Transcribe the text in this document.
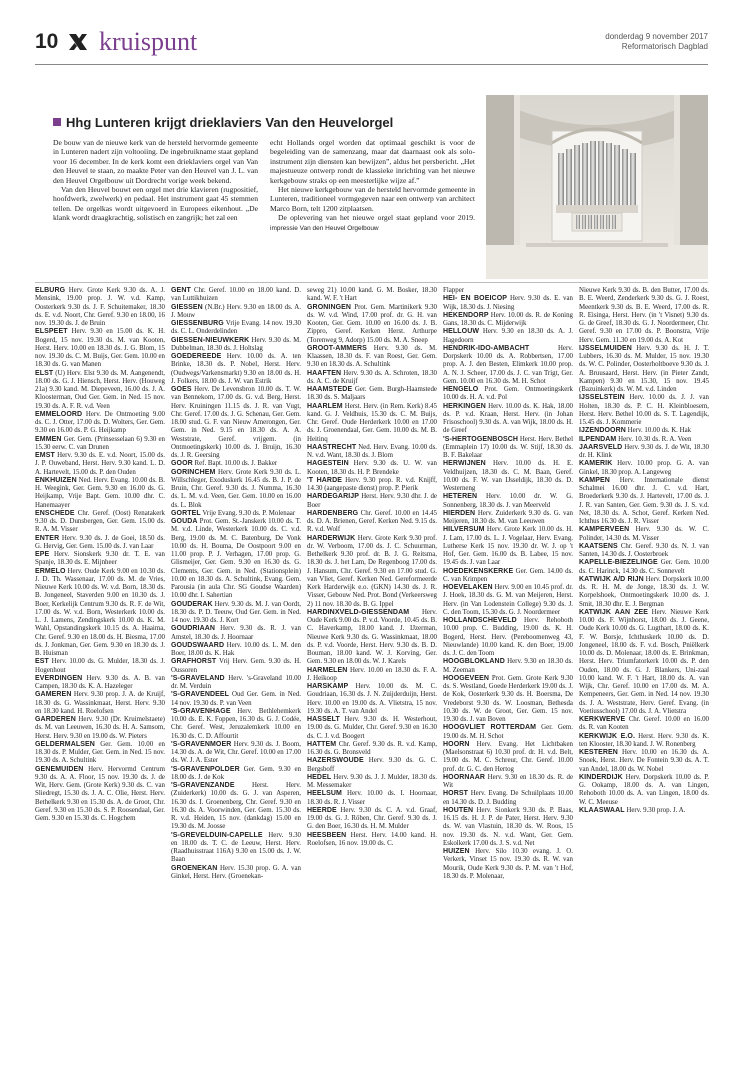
10 kruispunt	donderdag 9 november 2017
Reformatorisch Dagblad
Hhg Lunteren krijgt drieklaviers Van den Heuvelorgel

De bouw van de nieuwe kerk van de hersteld hervormde gemeente in Lunteren nadert zijn voltooiing. De ingebruikname staat gepland voor 16 december. In de kerk komt een drieklaviers orgel van Van den Heuvel te staan, zo maakte Peter van den Heuvel van J. L. van den Heuvel Orgelbouw uit Dordrecht vorige week bekend.

Van den Heuvel bouwt een orgel met drie klavieren (rugpositief, hoofdwerk, zwelwerk) en pedaal. Het instrument gaat 45 stemmen tellen. De orgelkas wordt uitgevoerd in Europees eikenhout. „De klank wordt draagkrachtig, solistisch en zangrijk; het zal een

echt Hollands orgel worden dat optimaal geschikt is voor de begeleiding van de samenzang, maar dat daarnaast ook als solo-instrument zijn diensten kan bewijzen”, aldus het persbericht. „Het majestueuze ontwerp rondt de klassieke inrichting van het nieuwe kerkgebouw straks op een meesterlijke wijze af.”

Het nieuwe kerkgebouw van de hersteld hervormde gemeente in Lunteren, traditioneel vormgegeven naar een ontwerp van architect Marco Born, telt 1200 zitplaatsen.

De oplevering van het nieuwe orgel staat gepland voor 2019. impressie Van den Heuvel Orgelbouw

ELBURG Herv. Grote Kerk 9.30 ds. A. J. Mensink, 19.00 prop. J. W. v.d. Kamp, Oosterkerk 9.30 ds. J. F. Schuitemaker, 18.30 ds. E. v.d. Noort, Chr. Geref. 9.30 en 18.00, 16 nov. 19.30 ds. J. de Bruin

ELSPEET Herv. 9.30 en 15.00 ds. K. H. Bogerd, 15 nov. 19.30 ds. M. van Kooten, Herst. Herv. 10.00 en 18.30 ds. J. G. Blom, 15 nov. 19.30 ds. C. M. Buijs, Ger. Gem. 10.00 en 18.30 ds. G. van Manen

ELST (U) Herv. Elst 9.30 ds. M. Aangenendt, 18.00 ds. G. J. Hiensch, Herst. Herv. (Houweg 21a) 9.30 kand. M. Diepeveen, 16.00 ds. J. A. Kloosterman, Oud Ger. Gem. in Ned. 15 nov. 19.30 ds. A. F. R. v.d. Veen

EMMELOORD Herv. De Ontmoeting 9.00 ds. C. J. Otter, 17.00 ds. D. Wolters, Ger. Gem. 9.30 en 16.00 ds. P. G. Heijkamp

EMMEN Ger. Gem. (Prinsesselaan 6) 9.30 en 15.30 eerw. C. van Drunen

EMST Herv. 9.30 ds. E. v.d. Noort, 15.00 ds. J. P. Ouweband, Herst. Herv. 9.30 kand. L. D. A. Hartevelt, 15.00 ds. P. den Ouden

ENKHUIZEN Ned. Herv. Evang. 10.00 ds. B. H. Weegink, Ger. Gem. 9.30 en 16.00 ds. G. Heijkamp, Vrije Bapt. Gem. 10.00 dhr. C. Hanemaayer

ENSCHEDE Chr. Geref. (Oost) Renatakerk 9.30 ds. D. Dunsbergen, Ger. Gem. 15.00 ds. R. A. M. Visser

ENTER Herv. 9.30 ds. J. de Goei, 18.50 ds. G. Hervig, Ger. Gem. 15.00 ds. J. van Laar

EPE Herv. Sionskerk 9.30 dr. T. E. van Spanje, 18.30 ds. E. Mijnheer

ERMELO Herv. Oude Kerk 9.00 en 10.30 ds. J. D. Th. Wassenaar, 17.00 ds. M. de Vries, Nieuwe Kerk 10.00 ds. W. v.d. Born, 18.30 ds. B. Jongeneel, Staverden 9.00 en 10.30 ds. J. Boer, Kerkelijk Centrum 9.30 ds. R. F. de Wit, 17.00 ds. W. v.d. Born, Westerkerk 10.00 ds. L. J. Lamens, Zendingskerk 10.00 ds. K. M. Wahl, Opstandingskerk 10.15 ds. A. Haaima, Chr. Geref. 9.30 en 18.00 ds. H. Biesma, 17.00 ds. J. Jonkman, Ger. Gem. 9.30 en 18.30 ds. J. B. Huisman

EST Herv. 10.00 ds. G. Mulder, 18.30 ds. J. Hogenhout

EVERDINGEN Herv. 9.30 ds. A. B. van Campen, 18.30 ds. K. A. Hazeleger

GAMEREN Herv. 9.30 prop. J. A. de Kruijf, 18.30 ds. G. Wassinkmaat, Herst. Herv. 9.30 en 18.30 kand. H. Roelofsen

GARDEREN Herv. 9.30 (Dr. Kruimelstaete) ds. M. van Leeuwen, 16.30 ds. H. A. Samsom, Herst. Herv. 9.30 en 19.00 ds. W. Pieters

GELDERMALSEN Ger. Gem. 10.00 en 18.30 ds. P. Mulder, Ger. Gem. in Ned. 15 nov. 19.30 ds. A. Schultink

GENEMUIDEN Herv. Hervormd Centrum 9.30 ds. A. A. Floor, 15 nov. 19.30 ds. J. de Wit, Herv. Gem. (Grote Kerk) 9.30 ds. C. van Sliedregt, 15.30 ds. J. A. C. Olie, Herst. Herv. Bethelkerk 9.30 en 15.30 ds. A. de Groot, Chr. Geref. 9.30 en 15.30 ds. S. P. Roosendaal, Ger. Gem. 9.30 en 15.30 ds. C. Hogchem

GENT Chr. Geref. 10.00 en 18.00 kand. D. van Luttikhuizen

GIESSEN (N.Br.) Herv. 9.30 en 18.00 ds. A. J. Mouw

GIESSENBURG Vrije Evang. 14 nov. 19.30 ds. C. L. Onderdelinden

GIESSEN-NIEUWKERK Herv. 9.30 ds. M. Dubbelman, 18.30 ds. J. Holtslag

GOEDEREEDE Herv. 10.00 ds. A. ten Brinke, 18.30 ds. P. Nobel, Herst. Herv. (Oudwegs/Varkensmarkt) 9.30 en 18.00 ds. H. J. Folkers, 18.00 ds. J. W. van Estrik

GOES Herv. De Levensbron 10.00 ds. T. W. van Bennekom, 17.00 ds. G. v.d. Berg, Herst. Herv. Kruiningen 11.15 ds. J. R. van Vugt, Chr. Geref. 17.00 ds. J. G. Schenau, Ger. Gem. 18.00 stud. G. F. van Nieuw Amerongen, Ger. Gem. in Ned. 9.15 en 18.30 ds. A. A. Weststrate, Geref. vrijgem. (in Ontmoetingskerk) 10.00 ds. J. Bruijn, 16.30 ds. J. R. Geersing

GOOR Ref. Bapt. 10.00 ds. J. Bakker

GORINCHEM Herv. Grote Kerk 9.30 ds. L. Willschleger, Exoduskerk 16.45 ds. B. J. P. de Bruin, Chr. Geref. 9.30 ds. J. Numma, 16.30 ds. L. M. v.d. Veen, Ger. Gem. 10.00 en 16.00 ds. L. Blok

GORTEL Vrije Evang. 9.30 ds. P. Molenaar

GOUDA Prot. Gem. St.-Janskerk 10.00 ds. T. M. v.d. Linde, Westerkerk 10.00 ds. C. v.d. Berg, 19.00 ds. M. C. Batenburg, De Vonk 10.00 ds. H. Bouma, De Oostpoort 9.00 en 11.00 prop. P. J. Verhagen, 17.00 prop. G. Glismeijer, Ger. Gem. 9.30 en 16.30 ds. G. Clements, Ger. Gem. in Ned. (Stationsplein) 10.00 en 18.30 ds. A. Schultink, Evang. Gem. Parousia (in aula Chr. SG Goudse Waarden) 10.00 dhr. I. Sahertian

GOUDERAK Herv. 9.30 ds. M. J. van Oordt, 18.30 ds. P. D. Teeuw, Oud Ger. Gem. in Ned. 14 nov. 19.30 ds. J. Kort

GOUDRIAAN Herv. 9.30 ds. R. J. van Amstel, 18.30 ds. J. Hoornaar

GOUDSWAARD Herv. 10.00 ds. L. M. den Boer, 18.00 ds. K. Hak

GRAFHORST Vrij Herv. Gem. 9.30 ds. H. Oussoren

'S-GRAVELAND Herv. 's-Graveland 10.00 dr. M. Verduin

'S-GRAVENDEEL Oud Ger. Gem. in Ned. 14 nov. 19.30 ds. P. van Veen

'S-GRAVENHAGE Herv. Bethlehemkerk 10.00 ds. E. K. Foppen, 16.30 ds. G. J. Codée, Chr. Geref. West, Jeruzalemkerk 10.00 en 16.30 ds. C. D. Affourtit

'S-GRAVENMOER Herv. 9.30 ds. J. Boom, 14.30 ds. A. de Wit, Chr. Geref. 10.00 en 17.00 ds. W. J. A. Ester

'S-GRAVENPOLDER Ger. Gem. 9.30 en 18.00 ds. J. de Kok

'S-GRAVENZANDE	Herst. Herv. (Zuiderkerk) 10.00 ds. G. J. van Asperen, 16.30 ds. I. Groenenberg, Chr. Geref. 9.30 en 16.30 ds. A. Voorwinden, Ger. Gem. 15.30 ds. R. v.d. Heiden, 15 nov. (dankdag) 15.00 en 19.30 ds. M. Joosse

'S-GREVELDUIN-CAPELLE Herv. 9.30 en 18.00 ds. T. C. de Leeuw, Herst. Herv. (Raadhuisstraat 116A) 9.30 en 15.00 ds. J. W. Baan

GROENEKAN Herv. 15.30 prop. G. A. van Ginkel, Herst. Herv. (Groenekan-

seweg 21) 10.00 kand. G. M. Bosker, 18.30 kand. W. F. 't Hart

GRONINGEN Prot. Gem. Martinikerk 9.30 ds. W. v.d. Wind, 17.00 prof. dr. G. H. van Kooten, Ger. Gem. 10.00 en 16.00 ds. J. B. Zippro, Geref. Kerken Herst. Arthurpe (Torenweg 9, Adorp) 15.00 ds. M. A. Sneep

GROOT-AMMERS Herv. 9.30 ds. M. Klaassen, 18.30 ds. F. van Roest, Ger. Gem. 9.30 en 18.30 ds. A. Schultink

HAAFTEN Herv. 9.30 ds. A. Schroten, 18.30 ds. A. C. de Kruijf

HAAMSTEDE Ger. Gem. Burgh-Haamstede 18.30 ds. S. Maljaars

HAARLEM Herst. Herv. (in Rem. Kerk) 8.45 kand. G. J. Veldhuis, 15.30 ds. C. M. Buijs, Chr. Geref. Oude Herderkerk 10.00 en 17.00 ds. J. Groenendaal, Ger. Gem. 10.00 ds. M. B. Heitinq

HAASTRECHT Ned. Herv. Evang. 10.00 ds. N. v.d. Want, 18.30 ds. J. Blom

HAGESTEIN Herv. 9.30 ds. U. W. van Kooten, 18.30 ds. H. P. Brendeke

'T HARDE Herv. 9.30 prop. R. v.d. Knijff, 14.30 (aangepaste dienst) prop. P. Pierik

HARDEGARIJP Herst. Herv. 9.30 dhr. J. de Boer

HARDENBERG Chr. Geref. 10.00 en 14.45 ds. D. A. Brienen, Geref. Kerken Ned. 9.15 ds. R. v.d. Wolf

HARDERWIJK Herv. Grote Kerk 9.30 prof. dr. W. Verboom, 17.00 ds. J. C. Schuurman, Bethelkerk 9.30 prof. dr. B. J. G. Reitsma, 18.30 ds. J. het Lam, De Regenboog 17.00 ds. J. Hansum, Chr. Geref. 9.30 en 17.00 stud. G. van Vliet, Geref. Kerken Ned. Gereformeerde Kerk Harderwijk e.o. (GKN) 14.30 ds. J. R. Visser, Gebouw Ned. Prot. Bond (Verkeersweg 2) 11 nov. 18.30 ds. B. G. Ippel

HARDINXVELD-GIESSENDAM Herv. Oude Kerk 9.00 ds. P. v.d. Voorde, 10.45 ds. B. C. Haverkamp, 18.00 kand. J. IJzerman, Nieuwe Kerk 9.30 ds. G. Wassinkmaat, 18.00 ds. P. v.d. Voorde, Herst. Herv. 9.30 ds. B. D. Bouman, 18.00 kand. W. J. Korving, Ger. Gem. 9.30 en 18.00 ds. W. J. Karels

HARMELEN Herv. 10.00 en 18.30 ds. F. A. J. Heikoop

HARSKAMP Herv. 10.00 ds. M. C. Goudriaan, 16.30 ds. J. N. Zuijderduijn, Herst. Herv. 10.00 en 19.00 ds. A. Vlietstra, 15 nov. 19.30 ds. A. T. van Andel

HASSELT Herv. 9.30 ds. H. Westerhout, 19.00 ds. G. Mulder, Chr. Geref. 9.30 en 16.30 ds. C. J. v.d. Boogert

HATTEM Chr. Geref. 9.30 ds. R. v.d. Kamp, 16.30 ds. G. Bronsveld

HAZERSWOUDE Herv. 9.30 ds. G. C. Bergsboff

HEDEL Herv. 9.30 ds. J. J. Mulder, 18.30 ds. M. Messemaker

HEELSUM Herv. 10.00 ds. I. Hoornaar, 18.30 ds. R. J. Visser

HEERDE Herv. 9.30 ds. C. A. v.d. Graaf, 19.00 ds. G. J. Röben, Chr. Geref. 9.30 ds. J. G. den Boer, 16.30 ds. H. M. Mulder

HEESBEEN Herst. Herv. 14.00 kand. H. Roelofsen, 16 nov. 19.00 ds. C.

Flapper

HEI- EN BOEICOP Herv. 9.30 ds. E. van Wijk, 18.30 ds. J. Niesing

HEKENDORP Herv. 10.00 ds. R. de Koning Gans, 18.30 ds. C. Mijderwijk

HELLOUW Herv. 9.30 en 18.30 ds. A. J. Hagedoorn

HENDRIK-IDO-AMBACHT	Herv. Dorpskerk 10.00 ds. A. Robbertsen, 17.00 prop. A. J. den Besten, Elimkerk 10.00 prop. A. N. J. Scheer, 17.00 ds. J. C. van Trigt, Ger. Gem. 10.00 en 16.30 ds. M. H. Schot

HENGELO Prot. Gem. Ontmoetingskerk 10.00 ds. H. A. v.d. Pol

HERKINGEN Herv. 10.00 ds. K. Hak, 18.00 ds. P. v.d. Kraan, Herst. Herv. (in Johan Frisoschool) 9.30 ds. A. van Wijk, 18.00 ds. H. de Greef

'S-HERTOGENBOSCH Herst. Herv. Bethel (Emmaplein 17) 10.00 ds. W. Stijf, 18.30 ds. B. F. Bakelaar

HERWIJNEN Herv. 10.00 ds. H. E. Veldhuijzen, 18.30 ds. C. M. Baan, Geref. 10.00 ds. F. W. van IJsseldijk, 18.30 ds. D. Westerneng

HETEREN Herv. 10.00 dr. W. G. Sonnenberg, 18.30 ds. J. van Meerveld

HIERDEN Herv. Zuiderkerk 9.30 ds. G. van Meijeren, 18.30 ds. M. van Leeuwen

HILVERSUM Herv. Grote Kerk 10.00 ds. H. J. Lam, 17.00 ds. L. J. Vogelaar, Herv. Evang. Lutherse Kerk 15 nov. 19.30 dr. W. J. op 't Hof, Ger. Gem. 16.00 ds. B. Labee, 15 nov. 19.45 ds. J. van Laar

HOEDEKENSKERKE Ger. Gem. 14.00 ds. C. van Krimpen

HOEVELAKEN Herv. 9.00 en 10.45 prof. dr. J. Hoek, 18.30 ds. G. M. van Meijeren, Herst. Herv. (in Van Lodenstein College) 9.30 ds. J. C. den Toom, 15.30 ds. G. J. Noordermeer

HOLLANDSCHEVELD Herv. Rehoboth 10.00 prop. C. Budding, 19.00 ds. K. H. Bogerd, Herst. Herv. (Pereboomenweg 43, Nieuwlande) 10.00 kand. K. den Boer, 19.00 ds. J. C. den Toom

HOOGBLOKLAND Herv. 9.30 en 18.30 ds. M. Zeeman

HOOGEVEEN Prot. Gem. Grote Kerk 9.30 ds. S. Westland, Goede Herderkerk 19.00 ds. J. de Kok, Oosterkerk 9.30 ds. H. Boersma, De Vredeborst 9.30 ds. W. Loosman, Bethesda 10.30 ds. W. de Groot, Ger. Gem. 15 nov. 19.30 ds. J. van Boven

HOOGVLIET ROTTERDAM Ger. Gem. 19.00 ds. M. H. Schot

HOORN Herv. Evang. Het Lichtbaken (Maelsonstraat 6) 10.30 prof. dr. H. v.d. Belt, 19.00 ds. M. C. Schreur, Chr. Geref. 10.00 prof. dr. G. C. den Hertog

HOORNAAR Herv. 9.30 en 18.30 ds. R. de Wit

HORST Herv. Evang. De Schuilplaats 10.00 en 14.30 ds. D. J. Budding

HOUTEN Herv. Sionkerk 9.30 ds. P. Baas, 16.15 ds. H. J. P. de Pater, Herst. Herv. 9.30 ds. W. van Vlastuin, 18.30 ds. W. Roos, 15 nov. 19.30 ds. N. v.d. Want, Ger. Gem. Eskolkerk 17.00 ds. J. S. v.d. Net

HUIZEN Herv. Silo 10.30 evang. J. O. Verkerk, Vinset 15 nov. 19.30 ds. R. W. van Mourik, Oude Kerk 9.30 ds. P. M. van 't Hof, 18.30 ds. P. Molenaar,

Nieuwe Kerk 9.30 ds. B. den Butter, 17.00 ds. B. E. Weerd, Zenderkerk 9.30 ds. G. J. Roest, Meentkerk 9.30 ds. B. E. Weerd, 17.00 ds. R. R. Eisinga, Herst. Herv. (in 't Visnet) 9.30 ds. G. de Greef, 18.30 ds. G. J. Noordermeer, Chr. Geref. 9.30 en 17.00 ds. P. Boonstra, Vrije Herv. Gem. 11.30 en 19.00 ds. A. Kot

IJSSELMUIDEN Herv. 9.30 ds. H. J. T. Lubbers, 16.30 ds. M. Mulder, 15 nov. 19.30 ds. W. C. Polinder, Oosterholtboeve 9.30 ds. J. A. Bruusaard, Herst. Herv. (in Pieter Zandt, Kampen) 9.30 en 15.30, 15 nov. 19.45 (Bazuinkerk) ds. W. M. v.d. Linden

IJSSELSTEIN Herv. 10.00 ds. J. J. van Holten, 18.30 ds. P. C. H. Kleinbloesem, Herst. Herv. Bethel 10.00 ds. S. T. Lagendijk, 15.45 ds. J. Kommerie

IJZENDOORN Herv. 10.00 ds. K. Hak

ILPENDAM Herv. 10.30 ds. R. A. Veen

JAARSVELD Herv. 9.30 ds. J. de Wit, 18.30 dr. H. Klink

KAMERIK Herv. 10.00 prop. G. A. van Ginkel, 18.30 prop. A. Langeweg

KAMPEN Herv. Internationale dienst Schalmei 16.00 dhr. J. C. v.d. Hart, Broederkerk 9.30 ds. J. Hartevelt, 17.00 ds. J. J. R. van Santen, Ger. Gem. 9.30 ds. J. S. v.d. Net, 18.30 ds. A. Schot, Geref. Kerken Ned. Ichthus 16.30 ds. J. R. Visser

KAMPERVEEN Herv. 9.30 ds. W. C. Polinder, 14.30 ds. M. Visser

KAATSENS Chr. Geref. 9.30 ds. N. J. van Santen, 14.30 ds. J. Oosterbroek

KAPELLE-BIEZELINGE Ger. Gem. 10.00 ds. C. Harinck, 14.30 ds. C. Sonnevelt

KATWIJK A/D RIJN Herv. Dorpskerk 10.00 ds. R. H. M. de Jonge, 18.30 ds. J. W. Korpelshoek, Ontmoetingskerk 10.00 ds. J. Smit, 18.30 dhr. E. J. Bergman

KATWIJK AAN ZEE Herv. Nieuwe Kerk 10.00 ds. F. Wijnhorst, 18.00 ds. J. Geene, Oude Kerk 10.00 ds. G. Lugthart, 18.00 ds. K. F. W. Borsje, Ichthuskerk 10.00 ds. D. Jongeneel, 18.00 ds. F. v.d. Bosch, Pniëlkerk 10.00 ds. D. Molenaar, 18.00 ds. E. Brinkman, Herst. Herv. Triumfatorkerk 10.00 ds. P. den Ouden, 18.00 ds. G. J. Blankers, Uni-zaal 10.00 kand. W. F. 't Hart, 18.00 ds. A. van Wijk, Chr. Geref. 10.00 en 17.00 ds. M. A. Kempeneers, Ger. Gem. in Ned. 14 nov. 19.30 ds. J. A. Weststrate, Herv. Geref. Evang. (in Voetiusschool) 17.00 ds. J. A. Vlietstra

KERKWERVE Chr. Geref. 10.00 en 16.00 ds. R. van Kooten

KERKWIJK E.O. Herst. Herv. 9.30 ds. K. ten Klooster, 18.30 kand. J. W. Ronenberg

KESTEREN Herv. 10.00 en 16.30 ds. A. Snoek, Herst. Herv. De Fontein 9.30 ds. A. T. van Andel, 18.00 ds. W. Nobel

KINDERDIJK Herv. Dorpskerk 10.00 ds. P. G. Ookamp, 18.00 ds. A. van Lingen, Rehoboth 10.00 ds. A. van Lingen, 18.00 ds. W. C. Meeuse

KLAASWAAL Herv. 9.30 prop. J. A.
